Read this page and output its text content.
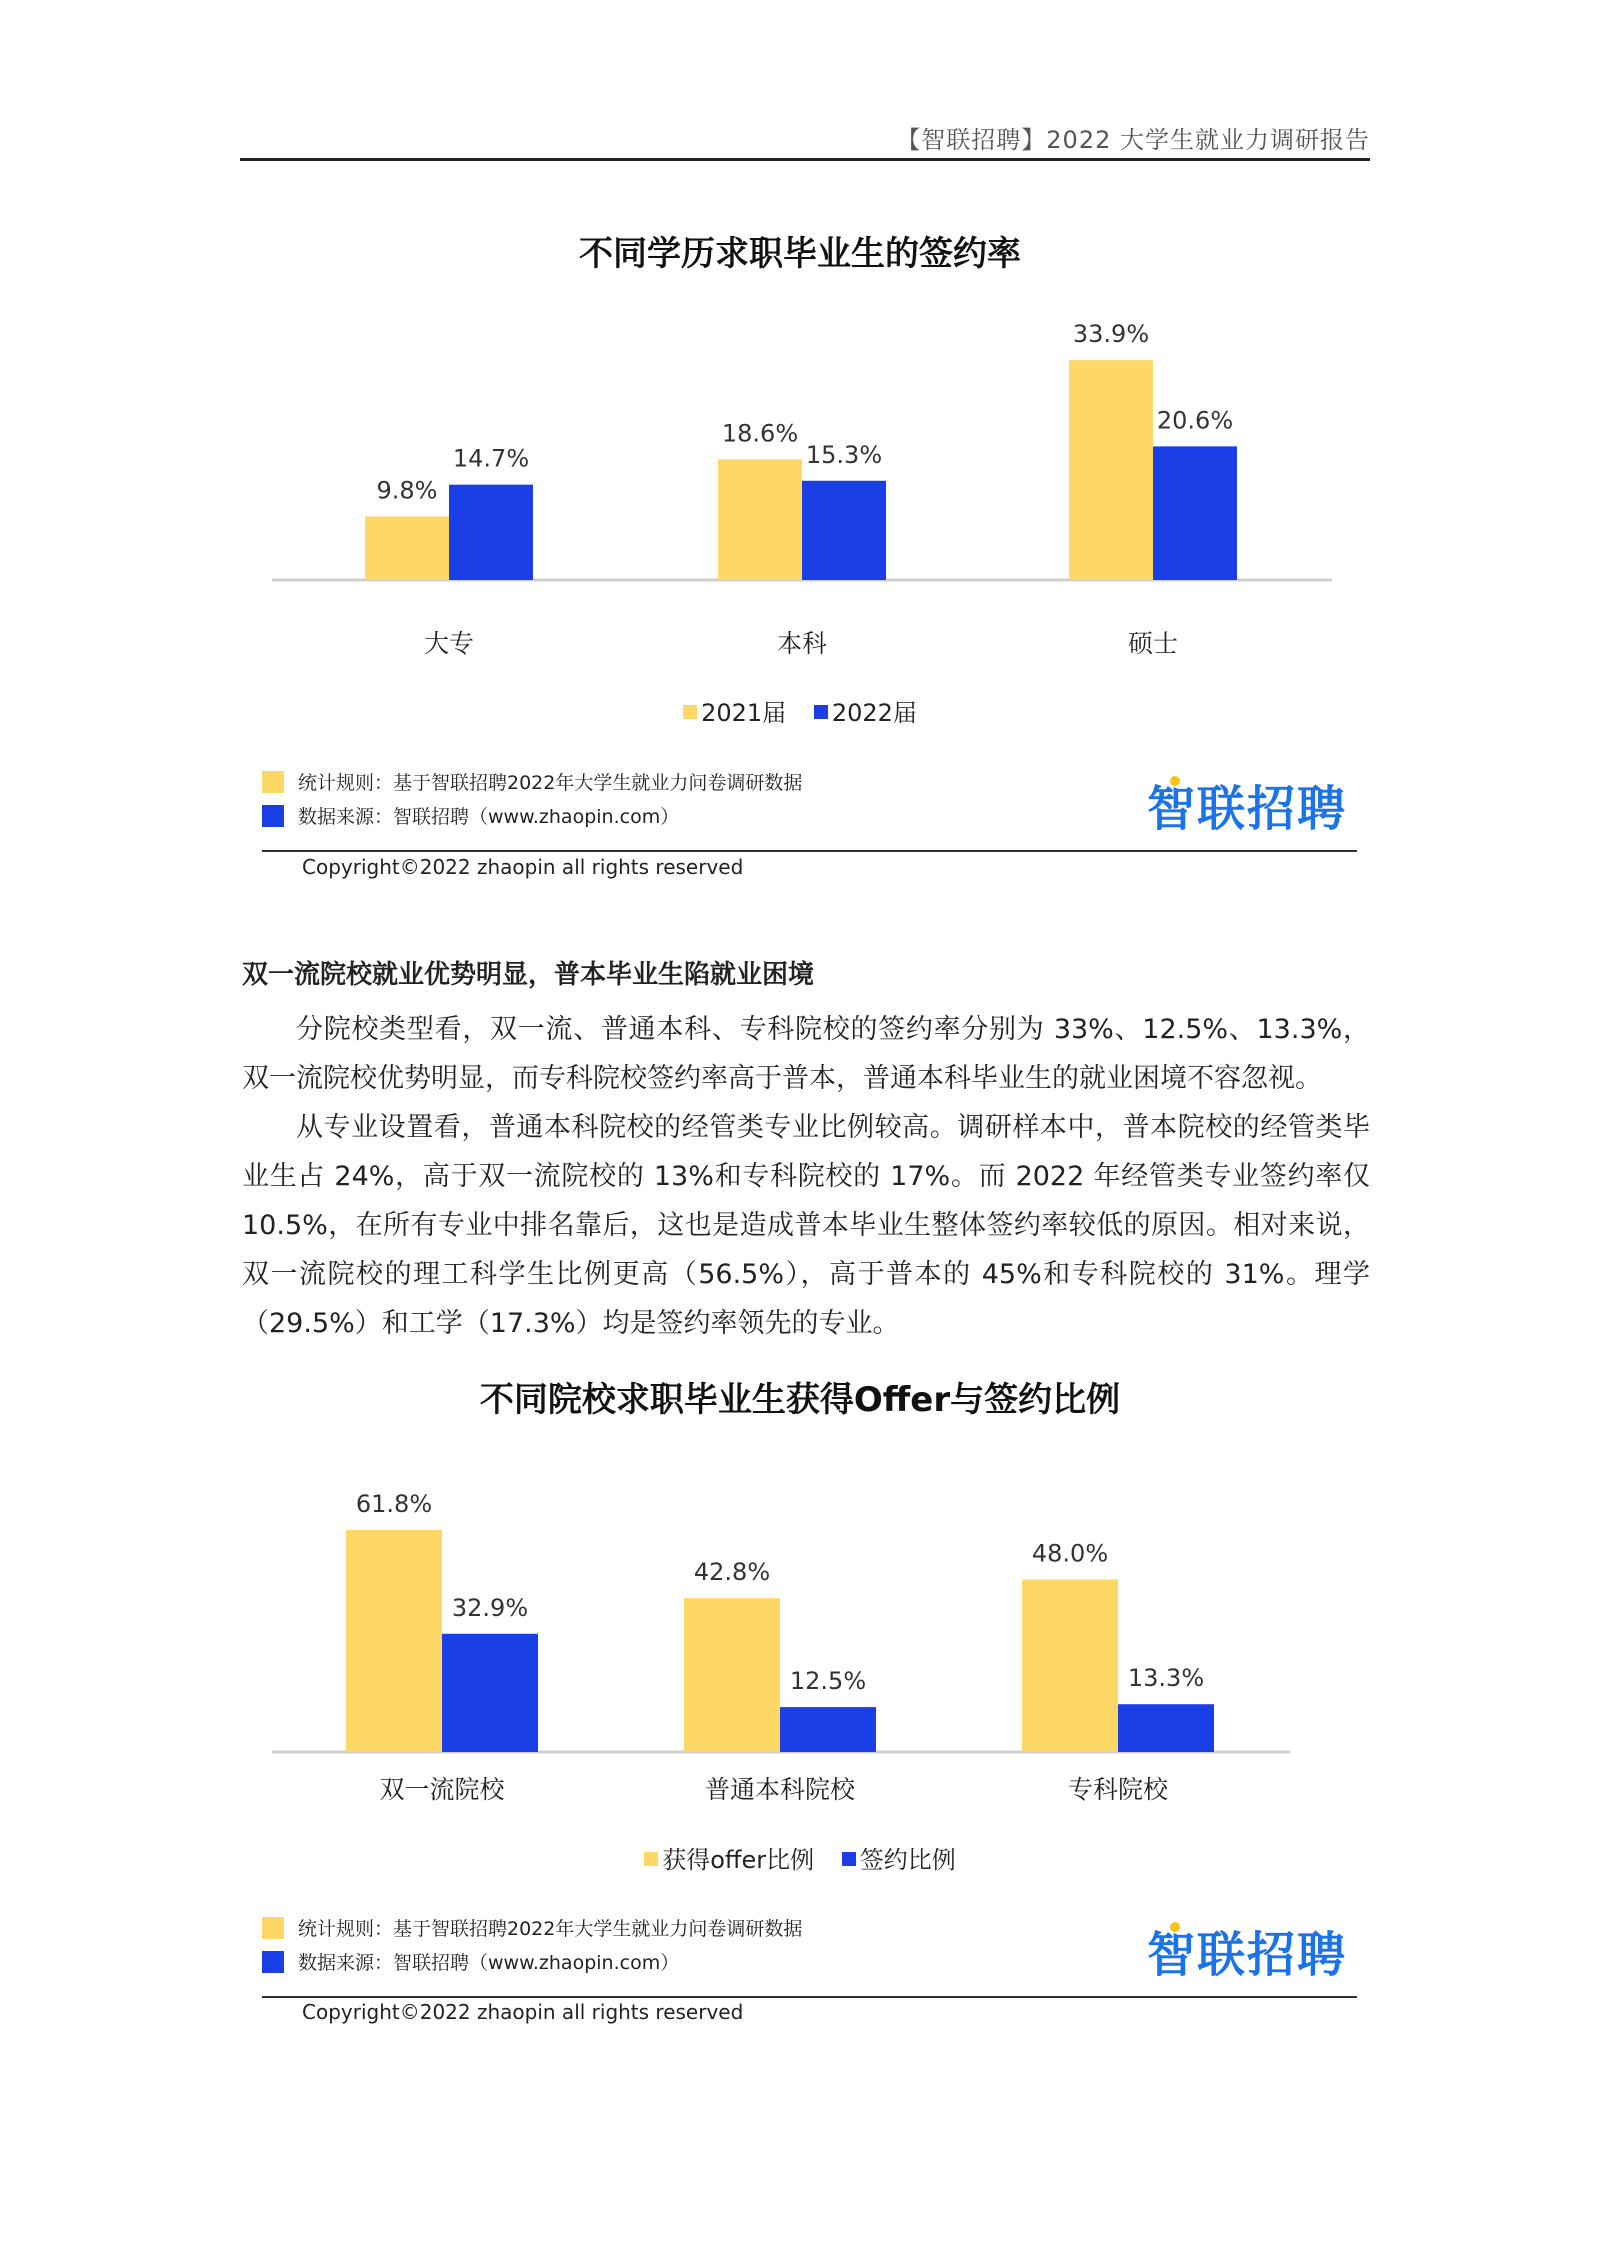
【智联招聘】2022 大学生就业力调研报告
不同学历求职毕业生的签约率
9.8%
14.7%
大专
18.6%
15.3%
本科
33.9%
20.6%
硕士
2021届 2022届
统计规则：基于智联招聘2022年大学生就业力问卷调研数据
数据来源：智联招聘（www.zhaopin.com）	智联招聘
Copyright©2022 zhaopin all rights reserved
双一流院校就业优势明显，普本毕业生陷就业困境

分院校类型看，双一流、普通本科、专科院校的签约率分别为 33%、12.5%、13.3%，双一流院校优势明显，而专科院校签约率高于普本，普通本科毕业生的就业困境不容忽视。

从专业设置看，普通本科院校的经管类专业比例较高。调研样本中，普本院校的经管类毕业生占 24%，高于双一流院校的 13%和专科院校的 17%。而 2022 年经管类专业签约率仅 10.5%，在所有专业中排名靠后，这也是造成普本毕业生整体签约率较低的原因。相对来说，双一流院校的理工科学生比例更高（56.5%），高于普本的 45%和专科院校的 31%。理学（29.5%）和工学（17.3%）均是签约率领先的专业。

不同院校求职毕业生获得Offer与签约比例
61.8%
32.9%
双一流院校
42.8%
12.5%
普通本科院校
48.0%
13.3%
专科院校
获得offer比例 签约比例
统计规则：基于智联招聘2022年大学生就业力问卷调研数据
数据来源：智联招聘（www.zhaopin.com）	智联招聘
Copyright©2022 zhaopin all rights reserved
